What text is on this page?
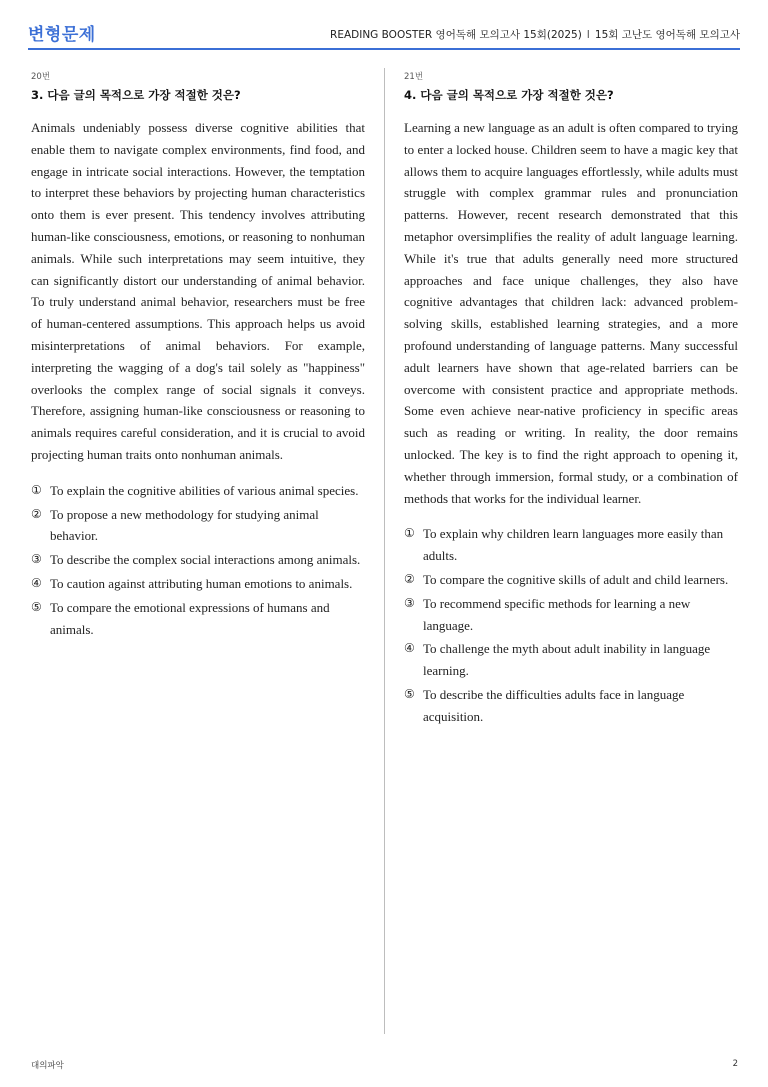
변형문제	READING BOOSTER 영어독해 모의고사 15회(2025) I 15회 고난도 영어독해 모의고사
20번
3. 다음 글의 목적으로 가장 적절한 것은?

Animals undeniably possess diverse cognitive abilities that enable them to navigate complex environments, find food, and engage in intricate social interactions. However, the temptation to interpret these behaviors by projecting human characteristics onto them is ever present. This tendency involves attributing human-like consciousness, emotions, or reasoning to nonhuman animals. While such interpretations may seem intuitive, they can significantly distort our understanding of animal behavior. To truly understand animal behavior, researchers must be free of human-centered assumptions. This approach helps us avoid misinterpretations of animal behaviors. For example, interpreting the wagging of a dog's tail solely as "happiness" overlooks the complex range of social signals it conveys. Therefore, assigning human-like consciousness or reasoning to animals requires careful consideration, and it is crucial to avoid projecting human traits onto nonhuman animals.

① To explain the cognitive abilities of various animal species.
② To propose a new methodology for studying animal behavior.
③ To describe the complex social interactions among animals.
④ To caution against attributing human emotions to animals.
⑤ To compare the emotional expressions of humans and animals.
21번
4. 다음 글의 목적으로 가장 적절한 것은?

Learning a new language as an adult is often compared to trying to enter a locked house. Children seem to have a magic key that allows them to acquire languages effortlessly, while adults must struggle with complex grammar rules and pronunciation patterns. However, recent research demonstrated that this metaphor oversimplifies the reality of adult language learning. While it's true that adults generally need more structured approaches and face unique challenges, they also have cognitive advantages that children lack: advanced problem-solving skills, established learning strategies, and a more profound understanding of language patterns. Many successful adult learners have shown that age-related barriers can be overcome with consistent practice and appropriate methods. Some even achieve near-native proficiency in specific areas such as reading or writing. In reality, the door remains unlocked. The key is to find the right approach to opening it, whether through immersion, formal study, or a combination of methods that works for the individual learner.

① To explain why children learn languages more easily than adults.
② To compare the cognitive skills of adult and child learners.
③ To recommend specific methods for learning a new language.
④ To challenge the myth about adult inability in language learning.
⑤ To describe the difficulties adults face in language acquisition.
대의파악	2
